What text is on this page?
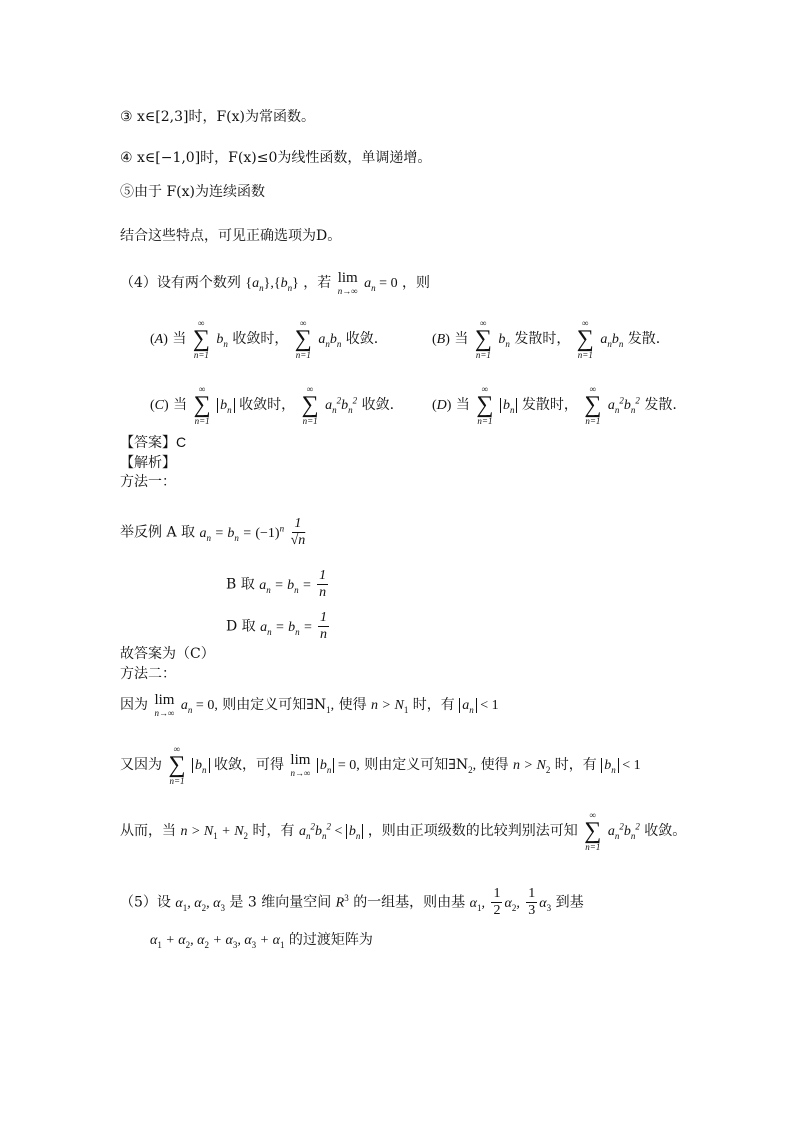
③ x∈[2,3]时，F(x)为常函数。
④ x∈[−1,0]时，F(x)≤0为线性函数，单调递增。
⑤由于 F(x)为连续函数
结合这些特点，可见正确选项为D。
（4）设有两个数列 $\{a_n\},\{b_n\}$ ，若 lim
n→∞ $a_n = 0$ ，则
(A) 当
∞
∑
n=1
$b_n$ 收敛时，
∞
∑
n=1
$a_nb_n$ 收敛.	(B) 当
∞
∑
n=1
$b_n$ 发散时，
∞
∑
n=1
$a_nb_n$ 发散.
(C) 当
∞
∑
n=1
$b_n$ 收敛时，
∞
∑
n=1
$a_n^2b_n^2$ 收敛.	(D) 当
∞
∑
n=1
$b_n$ 发散时，
∞
∑
n=1
$a_n^2b_n^2$ 发散.
【答案】C
【解析】
方法一：
举反例 A 取 $a_n = b_n = (-1)^n \frac{1}{√n}$
B 取 $a_n = b_n = \frac{1}{n}$
D 取 $a_n = b_n = \frac{1}{n}$
故答案为（C）
方法二：
因为 lim
n→∞ $a_n = 0$, 则由定义可知$\exists N_1$, 使得 $n > N_1$ 时，有 $a_n < 1$
又因为
∞
∑
n=1
$b_n$ 收敛，可得 lim
n→∞ $b_n = 0$, 则由定义可知$\exists N_2$, 使得 $n > N_2$ 时，有 $b_n < 1$
从而，当 $n > N_1 + N_2$ 时，有 $a_n^2b_n^2 < b_n$ ，则由正项级数的比较判别法可知
∞
∑
n=1
$a_n^2b_n^2$ 收敛。
（5）设 $\alpha_1$, $\alpha_2$, $\alpha_3$ 是 3 维向量空间 $R^3$ 的一组基，则由基 $\alpha_1$, $\frac{1}{2} \alpha_2$, $\frac{1}{3} \alpha_3$ 到基
$\alpha_1 + \alpha_2$, $\alpha_2 + \alpha_3$, $\alpha_3 + \alpha_1$ 的过渡矩阵为
